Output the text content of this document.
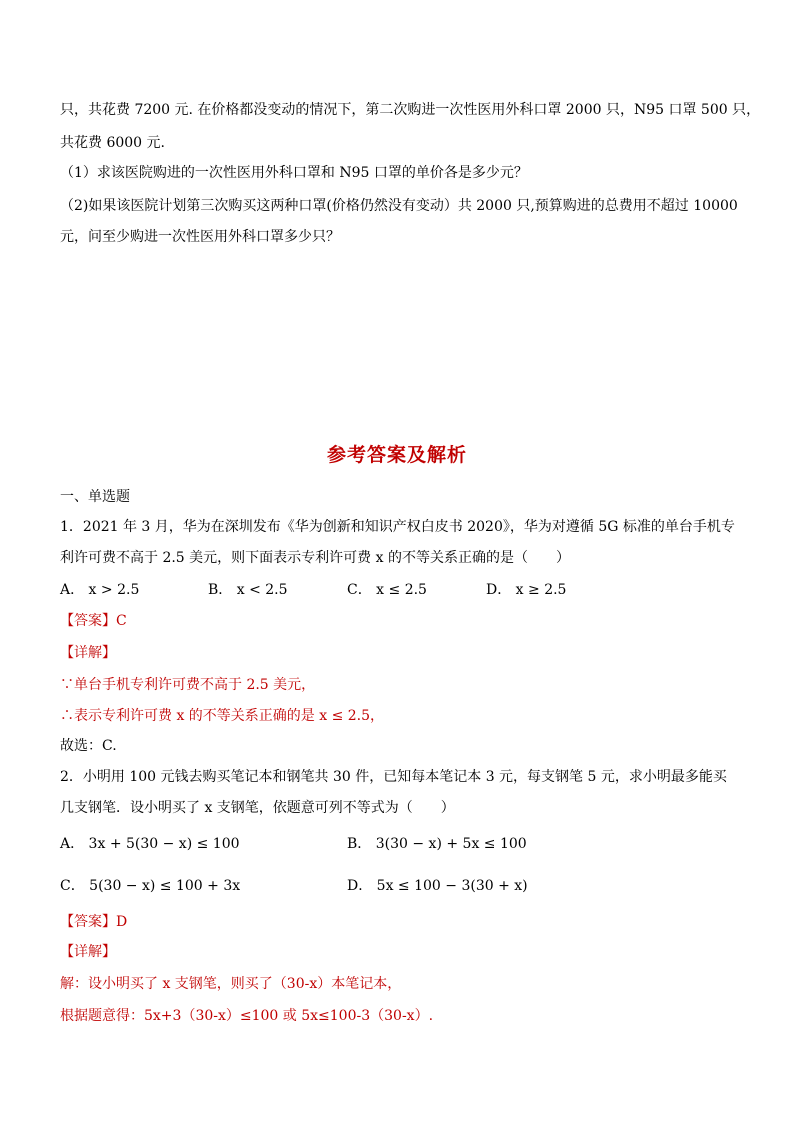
只，共花费 7200 元. 在价格都没变动的情况下，第二次购进一次性医用外科口罩 2000 只，N95 口罩 500 只，
共花费 6000 元.
（1）求该医院购进的一次性医用外科口罩和 N95 口罩的单价各是多少元？
（2)如果该医院计划第三次购买这两种口罩(价格仍然没有变动）共 2000 只,预算购进的总费用不超过 10000
元，问至少购进一次性医用外科口罩多少只？
参考答案及解析
一、单选题
1．2021 年 3 月，华为在深圳发布《华为创新和知识产权白皮书 2020》，华为对遵循 5G 标准的单台手机专
利许可费不高于 2.5 美元，则下面表示专利许可费 x 的不等关系正确的是（　　）
A． x > 2.5	B． x < 2.5	C． x ≤ 2.5	D． x ≥ 2.5
【答案】C
【详解】
∵单台手机专利许可费不高于 2.5 美元，
∴表示专利许可费 x 的不等关系正确的是 x ≤ 2.5，
故选：C.
2．小明用 100 元钱去购买笔记本和钢笔共 30 件，已知每本笔记本 3 元，每支钢笔 5 元，求小明最多能买
几支钢笔．设小明买了 x 支钢笔，依题意可列不等式为（　　）
A． 3x + 5(30 − x) ≤ 100	B． 3(30 − x) + 5x ≤ 100
C． 5(30 − x) ≤ 100 + 3x	D． 5x ≤ 100 − 3(30 + x)
【答案】D
【详解】
解：设小明买了 x 支钢笔，则买了（30-x）本笔记本，
根据题意得：5x+3（30-x）≤100 或 5x≤100-3（30-x）.
